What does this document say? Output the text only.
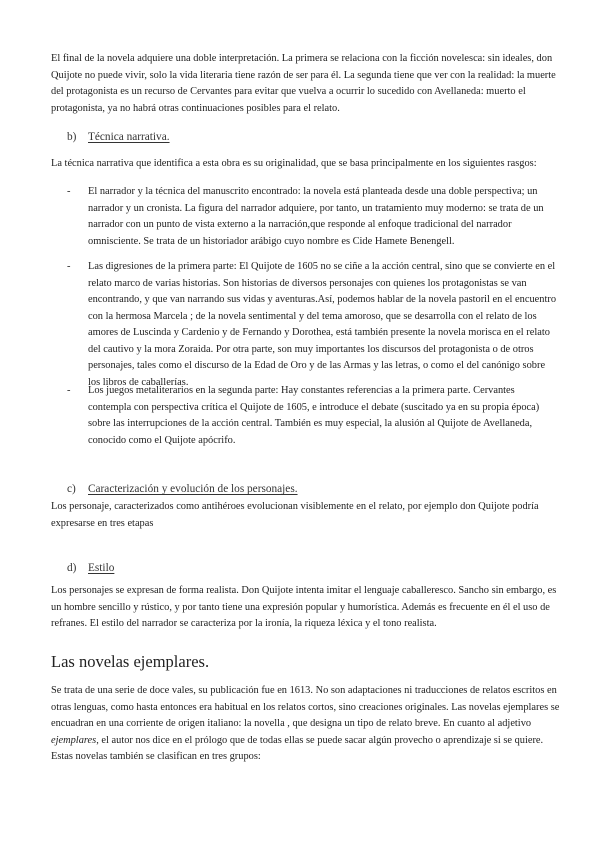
El final de la novela adquiere una doble interpretación. La primera se relaciona con la ficción novelesca: sin ideales, don Quijote no puede vivir, solo la vida literaria tiene razón de ser para él. La segunda tiene que ver con la realidad: la muerte del protagonista es un recurso de Cervantes para evitar que vuelva a ocurrir lo sucedido con Avellaneda: muerto el protagonista, ya no habrá otras continuaciones posibles para el relato.

b) Técnica narrativa.

La técnica narrativa que identifica a esta obra es su originalidad, que se basa principalmente en los siguientes rasgos:

- El narrador y la técnica del manuscrito encontrado: la novela está planteada desde una doble perspectiva; un narrador y un cronista. La figura del narrador adquiere, por tanto, un tratamiento muy moderno: se trata de un narrador con un punto de vista externo a la narración,que responde al enfoque tradicional del narrador omnisciente. Se trata de un historiador arábigo cuyo nombre es Cide Hamete Benengell.

- Las digresiones de la primera parte: El Quijote de 1605 no se ciñe a la acción central, sino que se convierte en el relato marco de varias historias. Son historias de diversos personajes con quienes los protagonistas se van encontrando, y que van narrando sus vidas y aventuras.Así, podemos hablar de la novela pastoril en el encuentro con la hermosa Marcela ; de la novela sentimental y del tema amoroso, que se desarrolla con el relato de los amores de Luscinda y Cardenio y de Fernando y Dorothea, está también presente la novela morisca en el relato del cautivo y la mora Zoraida. Por otra parte, son muy importantes los discursos del protagonista o de otros personajes, tales como el discurso de la Edad de Oro y de las Armas y las letras, o como el del canónigo sobre los libros de caballerías.

- Los juegos metaliterarios en la segunda parte: Hay constantes referencias a la primera parte. Cervantes contempla con perspectiva crítica el Quijote de 1605, e introduce el debate (suscitado ya en su propia época) sobre las interrupciones de la acción central. También es muy especial, la alusión al Quijote de Avellaneda, conocido como el Quijote apócrifo.

c) Caracterización y evolución de los personajes.

Los personaje, caracterizados como antihéroes evolucionan visiblemente en el relato, por ejemplo don Quijote podría expresarse en tres etapas

d) Estilo

Los personajes se expresan de forma realista. Don Quijote intenta imitar el lenguaje caballeresco. Sancho sin embargo, es un hombre sencillo y rústico, y por tanto tiene una expresión popular y humorística. Además es frecuente en él el uso de refranes. El estilo del narrador se caracteriza por la ironía, la riqueza léxica y el tono realista.

Las novelas ejemplares.

Se trata de una serie de doce vales, su publicación fue en 1613. No son adaptaciones ni traducciones de relatos escritos en otras lenguas, como hasta entonces era habitual en los relatos cortos, sino creaciones originales. Las novelas ejemplares se encuadran en una corriente de origen italiano: la novella , que designa un tipo de relato breve. En cuanto al adjetivo ejemplares, el autor nos dice en el prólogo que de todas ellas se puede sacar algún provecho o aprendizaje si se quiere.

Estas novelas también se clasifican en tres grupos:
